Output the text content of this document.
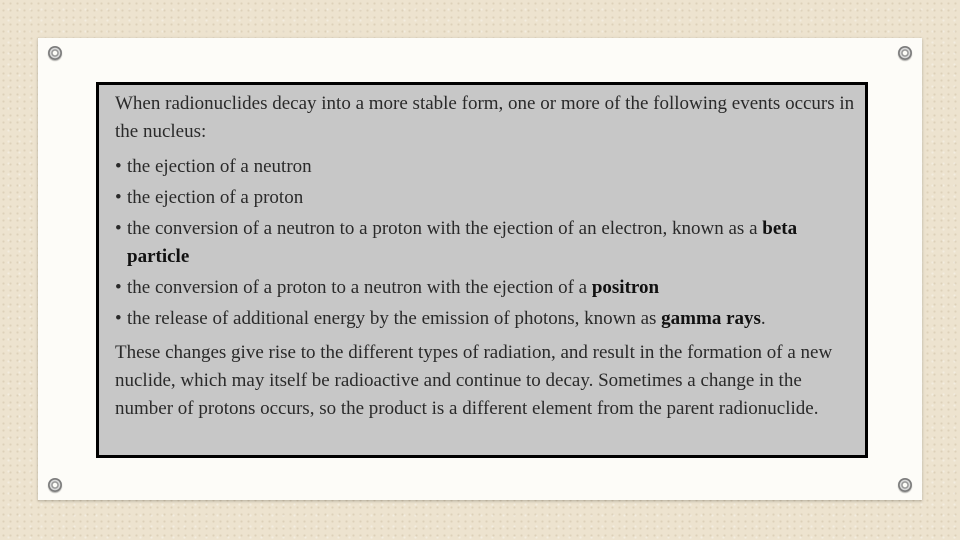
When radionuclides decay into a more stable form, one or more of the following events occurs in the nucleus:

• the ejection of a neutron
• the ejection of a proton
• the conversion of a neutron to a proton with the ejection of an electron, known as a beta particle
• the conversion of a proton to a neutron with the ejection of a positron
• the release of additional energy by the emission of photons, known as gamma rays.

These changes give rise to the different types of radiation, and result in the formation of a new nuclide, which may itself be radioactive and continue to decay. Sometimes a change in the number of protons occurs, so the product is a different element from the parent radionuclide.
